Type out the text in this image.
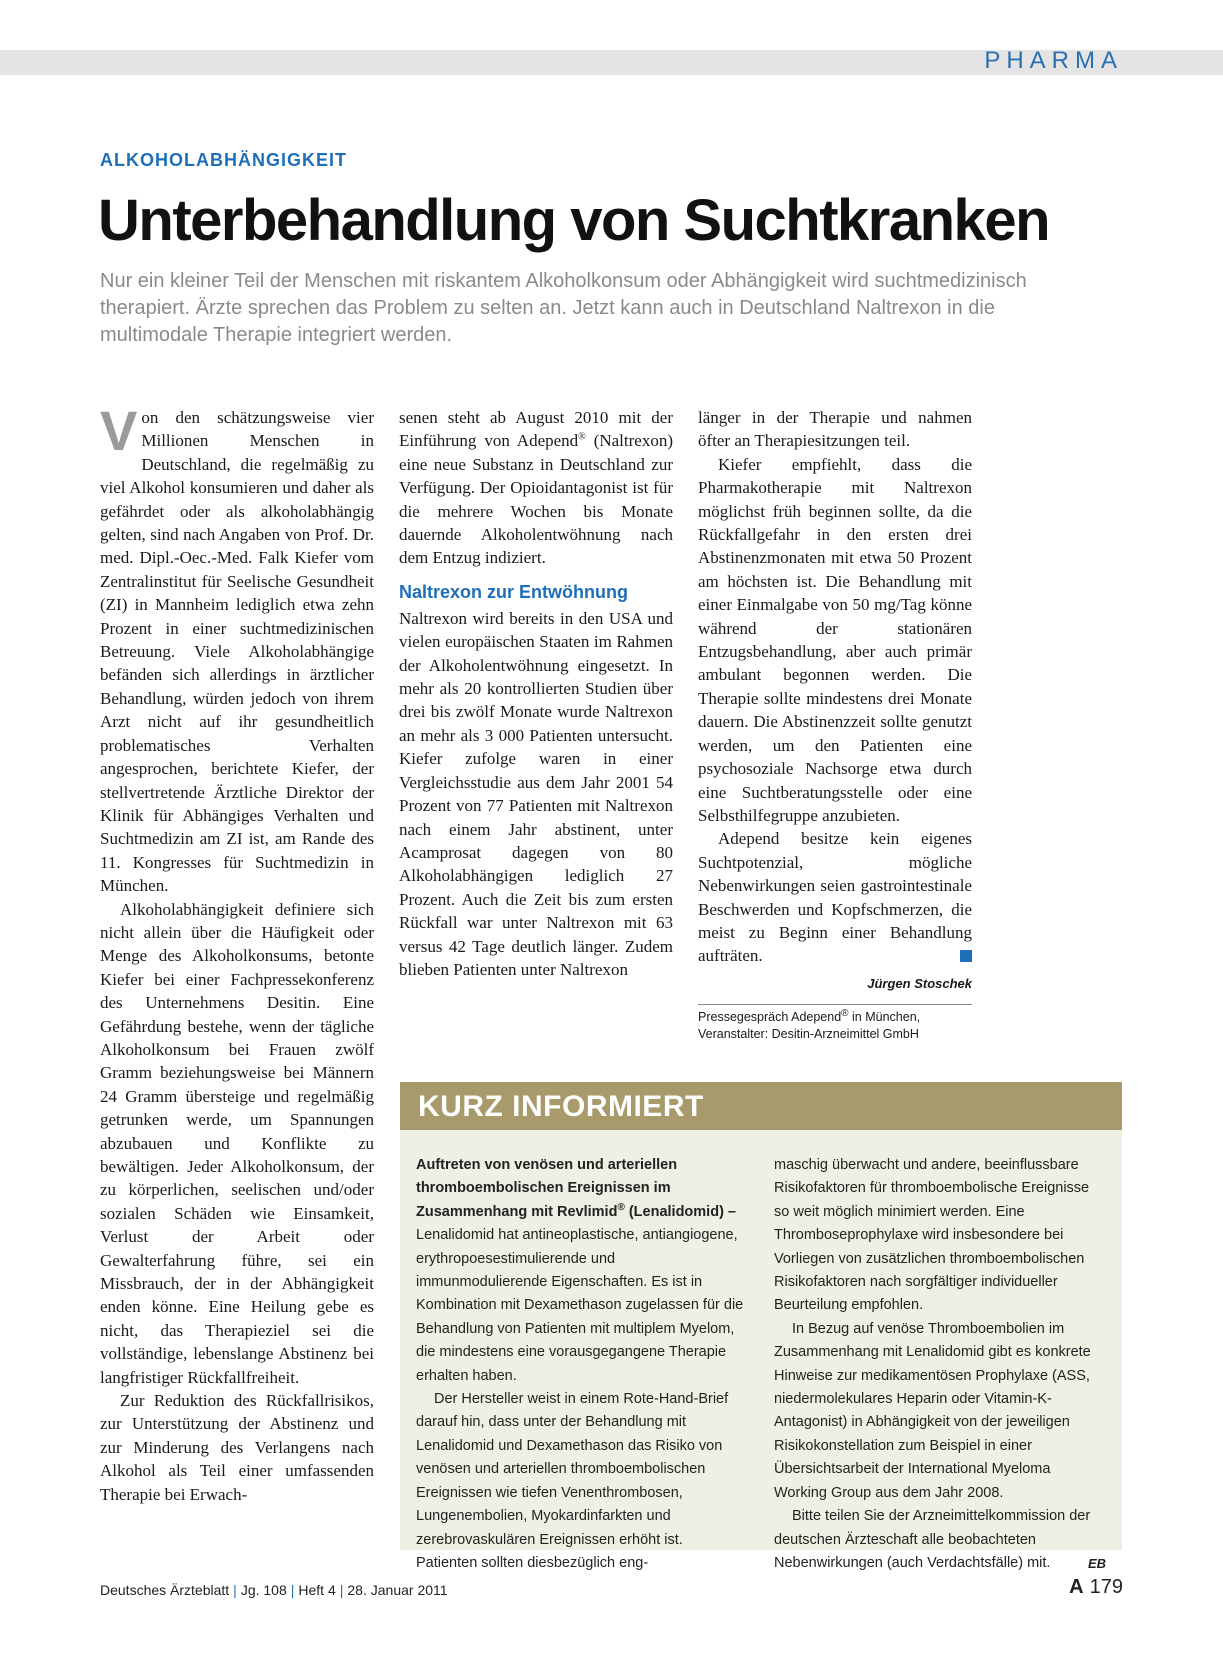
PHARMA
ALKOHOLABHÄNGIGKEIT
Unterbehandlung von Suchtkranken

Nur ein kleiner Teil der Menschen mit riskantem Alkoholkonsum oder Abhängigkeit wird suchtmedizinisch therapiert. Ärzte sprechen das Problem zu selten an. Jetzt kann auch in Deutschland Naltrexon in die multimodale Therapie integriert werden.

Von den schätzungsweise vier Millionen Menschen in Deutschland, die regelmäßig zu viel Alkohol konsumieren und daher als gefährdet oder als alkoholabhängig gelten, sind nach Angaben von Prof. Dr. med. Dipl.-Oec.-Med. Falk Kiefer vom Zentralinstitut für Seelische Gesundheit (ZI) in Mannheim lediglich etwa zehn Prozent in einer suchtmedizinischen Betreuung. Viele Alkoholabhängige befänden sich allerdings in ärztlicher Behandlung, würden jedoch von ihrem Arzt nicht auf ihr gesundheitlich problematisches Verhalten angesprochen, berichtete Kiefer, der stellvertretende Ärztliche Direktor der Klinik für Abhängiges Verhalten und Suchtmedizin am ZI ist, am Rande des 11. Kongresses für Suchtmedizin in München.

Alkoholabhängigkeit definiere sich nicht allein über die Häufigkeit oder Menge des Alkoholkonsums, betonte Kiefer bei einer Fachpressekonferenz des Unternehmens Desitin. Eine Gefährdung bestehe, wenn der tägliche Alkoholkonsum bei Frauen zwölf Gramm beziehungsweise bei Männern 24 Gramm übersteige und regelmäßig getrunken werde, um Spannungen abzubauen und Konflikte zu bewältigen. Jeder Alkoholkonsum, der zu körperlichen, seelischen und/oder sozialen Schäden wie Einsamkeit, Verlust der Arbeit oder Gewalterfahrung führe, sei ein Missbrauch, der in der Abhängigkeit enden könne. Eine Heilung gebe es nicht, das Therapieziel sei die vollständige, lebenslange Abstinenz bei langfristiger Rückfallfreiheit.

Zur Reduktion des Rückfallrisikos, zur Unterstützung der Abstinenz und zur Minderung des Verlangens nach Alkohol als Teil einer umfassenden Therapie bei Erwach-

senen steht ab August 2010 mit der Einführung von Adepend® (Naltrexon) eine neue Substanz in Deutschland zur Verfügung. Der Opioidantagonist ist für die mehrere Wochen bis Monate dauernde Alkoholentwöhnung nach dem Entzug indiziert.

Naltrexon zur Entwöhnung

Naltrexon wird bereits in den USA und vielen europäischen Staaten im Rahmen der Alkoholentwöhnung eingesetzt. In mehr als 20 kontrollierten Studien über drei bis zwölf Monate wurde Naltrexon an mehr als 3 000 Patienten untersucht. Kiefer zufolge waren in einer Vergleichsstudie aus dem Jahr 2001 54 Prozent von 77 Patienten mit Naltrexon nach einem Jahr abstinent, unter Acamprosat dagegen von 80 Alkoholabhängigen lediglich 27 Prozent. Auch die Zeit bis zum ersten Rückfall war unter Naltrexon mit 63 versus 42 Tage deutlich länger. Zudem blieben Patienten unter Naltrexon

länger in der Therapie und nahmen öfter an Therapiesitzungen teil.

Kiefer empfiehlt, dass die Pharmakotherapie mit Naltrexon möglichst früh beginnen sollte, da die Rückfallgefahr in den ersten drei Abstinenzmonaten mit etwa 50 Prozent am höchsten ist. Die Behandlung mit einer Einmalgabe von 50 mg/Tag könne während der stationären Entzugsbehandlung, aber auch primär ambulant begonnen werden. Die Therapie sollte mindestens drei Monate dauern. Die Abstinenzzeit sollte genutzt werden, um den Patienten eine psychosoziale Nachsorge etwa durch eine Suchtberatungsstelle oder eine Selbsthilfegruppe anzubieten.

Adepend besitze kein eigenes Suchtpotenzial, mögliche Nebenwirkungen seien gastrointestinale Beschwerden und Kopfschmerzen, die meist zu Beginn einer Behandlung aufträten.

Jürgen Stoschek

Pressegespräch Adepend® in München, Veranstalter: Desitin-Arzneimittel GmbH

KURZ INFORMIERT

Auftreten von venösen und arteriellen thromboembolischen Ereignissen im Zusammenhang mit Revlimid® (Lenalidomid) – Lenalidomid hat antineoplastische, antiangiogene, erythropoesestimulierende und immunmodulierende Eigenschaften. Es ist in Kombination mit Dexamethason zugelassen für die Behandlung von Patienten mit multiplem Myelom, die mindestens eine vorausgegangene Therapie erhalten haben.

Der Hersteller weist in einem Rote-Hand-Brief darauf hin, dass unter der Behandlung mit Lenalidomid und Dexamethason das Risiko von venösen und arteriellen thromboembolischen Ereignissen wie tiefen Venenthrombosen, Lungenembolien, Myokardinfarkten und zerebrovaskulären Ereignissen erhöht ist. Patienten sollten diesbezüglich eng-

maschig überwacht und andere, beeinflussbare Risikofaktoren für thromboembolische Ereignisse so weit möglich minimiert werden. Eine Thromboseprophylaxe wird insbesondere bei Vorliegen von zusätzlichen thromboembolischen Risikofaktoren nach sorgfältiger individueller Beurteilung empfohlen.

In Bezug auf venöse Thromboembolien im Zusammenhang mit Lenalidomid gibt es konkrete Hinweise zur medikamentösen Prophylaxe (ASS, niedermolekulares Heparin oder Vitamin-K-Antagonist) in Abhängigkeit von der jeweiligen Risikokonstellation zum Beispiel in einer Übersichtsarbeit der International Myeloma Working Group aus dem Jahr 2008.

Bitte teilen Sie der Arzneimittelkommission der deutschen Ärzteschaft alle beobachteten Nebenwirkungen (auch Verdachtsfälle) mit.	EB

Deutsches Ärzteblatt | Jg. 108 | Heft 4 | 28. Januar 2011	A 179
